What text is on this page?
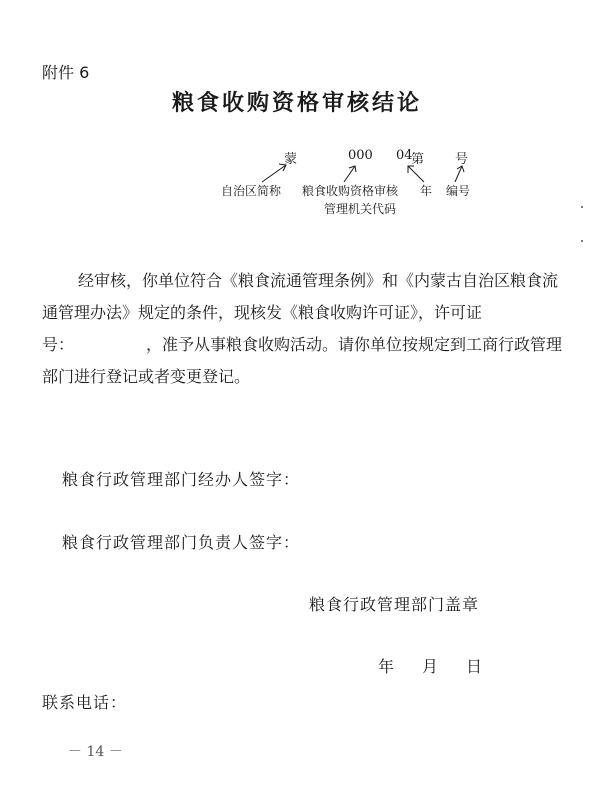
附件 6
粮食收购资格审核结论
蒙	000 04
第 号
自治区简称 粮食收购资格审核
管理机关代码
年 编号
经审核，你单位符合《粮食流通管理条例》和《内蒙古自治区粮食流通管理办法》规定的条件，现核发《粮食收购许可证》，许可证号：　　　　　，准予从事粮食收购活动。请你单位按规定到工商行政管理部门进行登记或者变更登记。
粮食行政管理部门经办人签字：
粮食行政管理部门负责人签字：
粮食行政管理部门盖章
年　月　日
联系电话：
－ 14 －
